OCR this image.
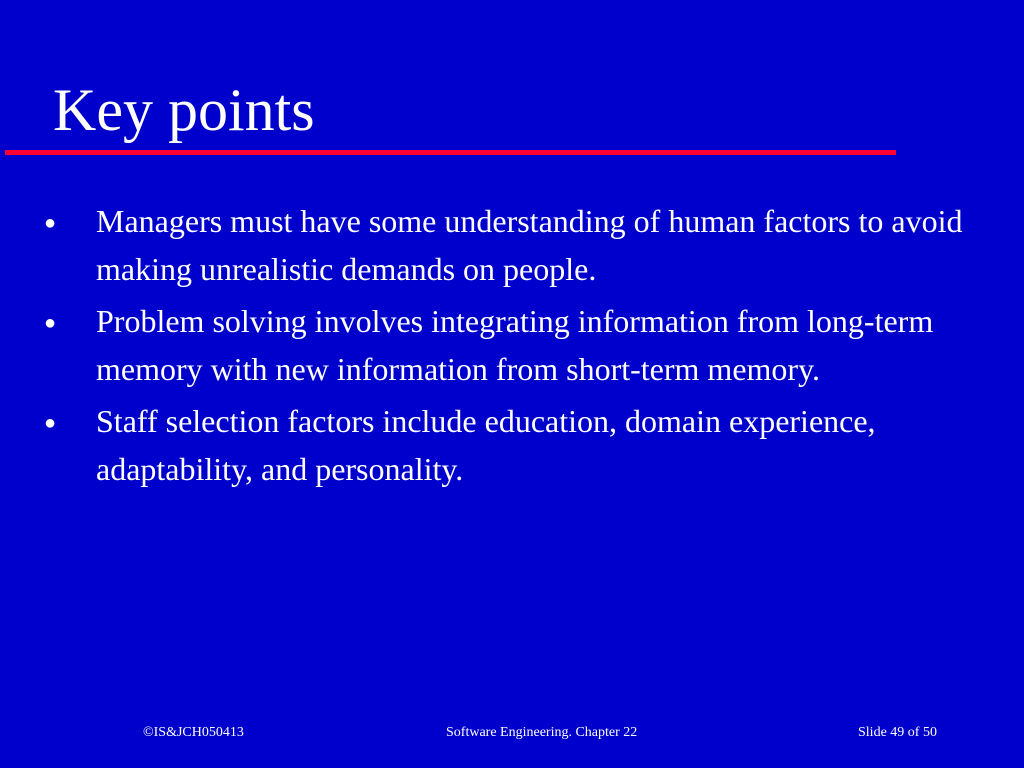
Key points
● Managers must have some understanding of human factors to avoid making unrealistic demands on people.
● Problem solving involves integrating information from long-term memory with new information from short-term memory.
● Staff selection factors include education, domain experience, adaptability, and personality.
©IS&JCH050413	Software Engineering. Chapter 22	Slide 49 of 50
